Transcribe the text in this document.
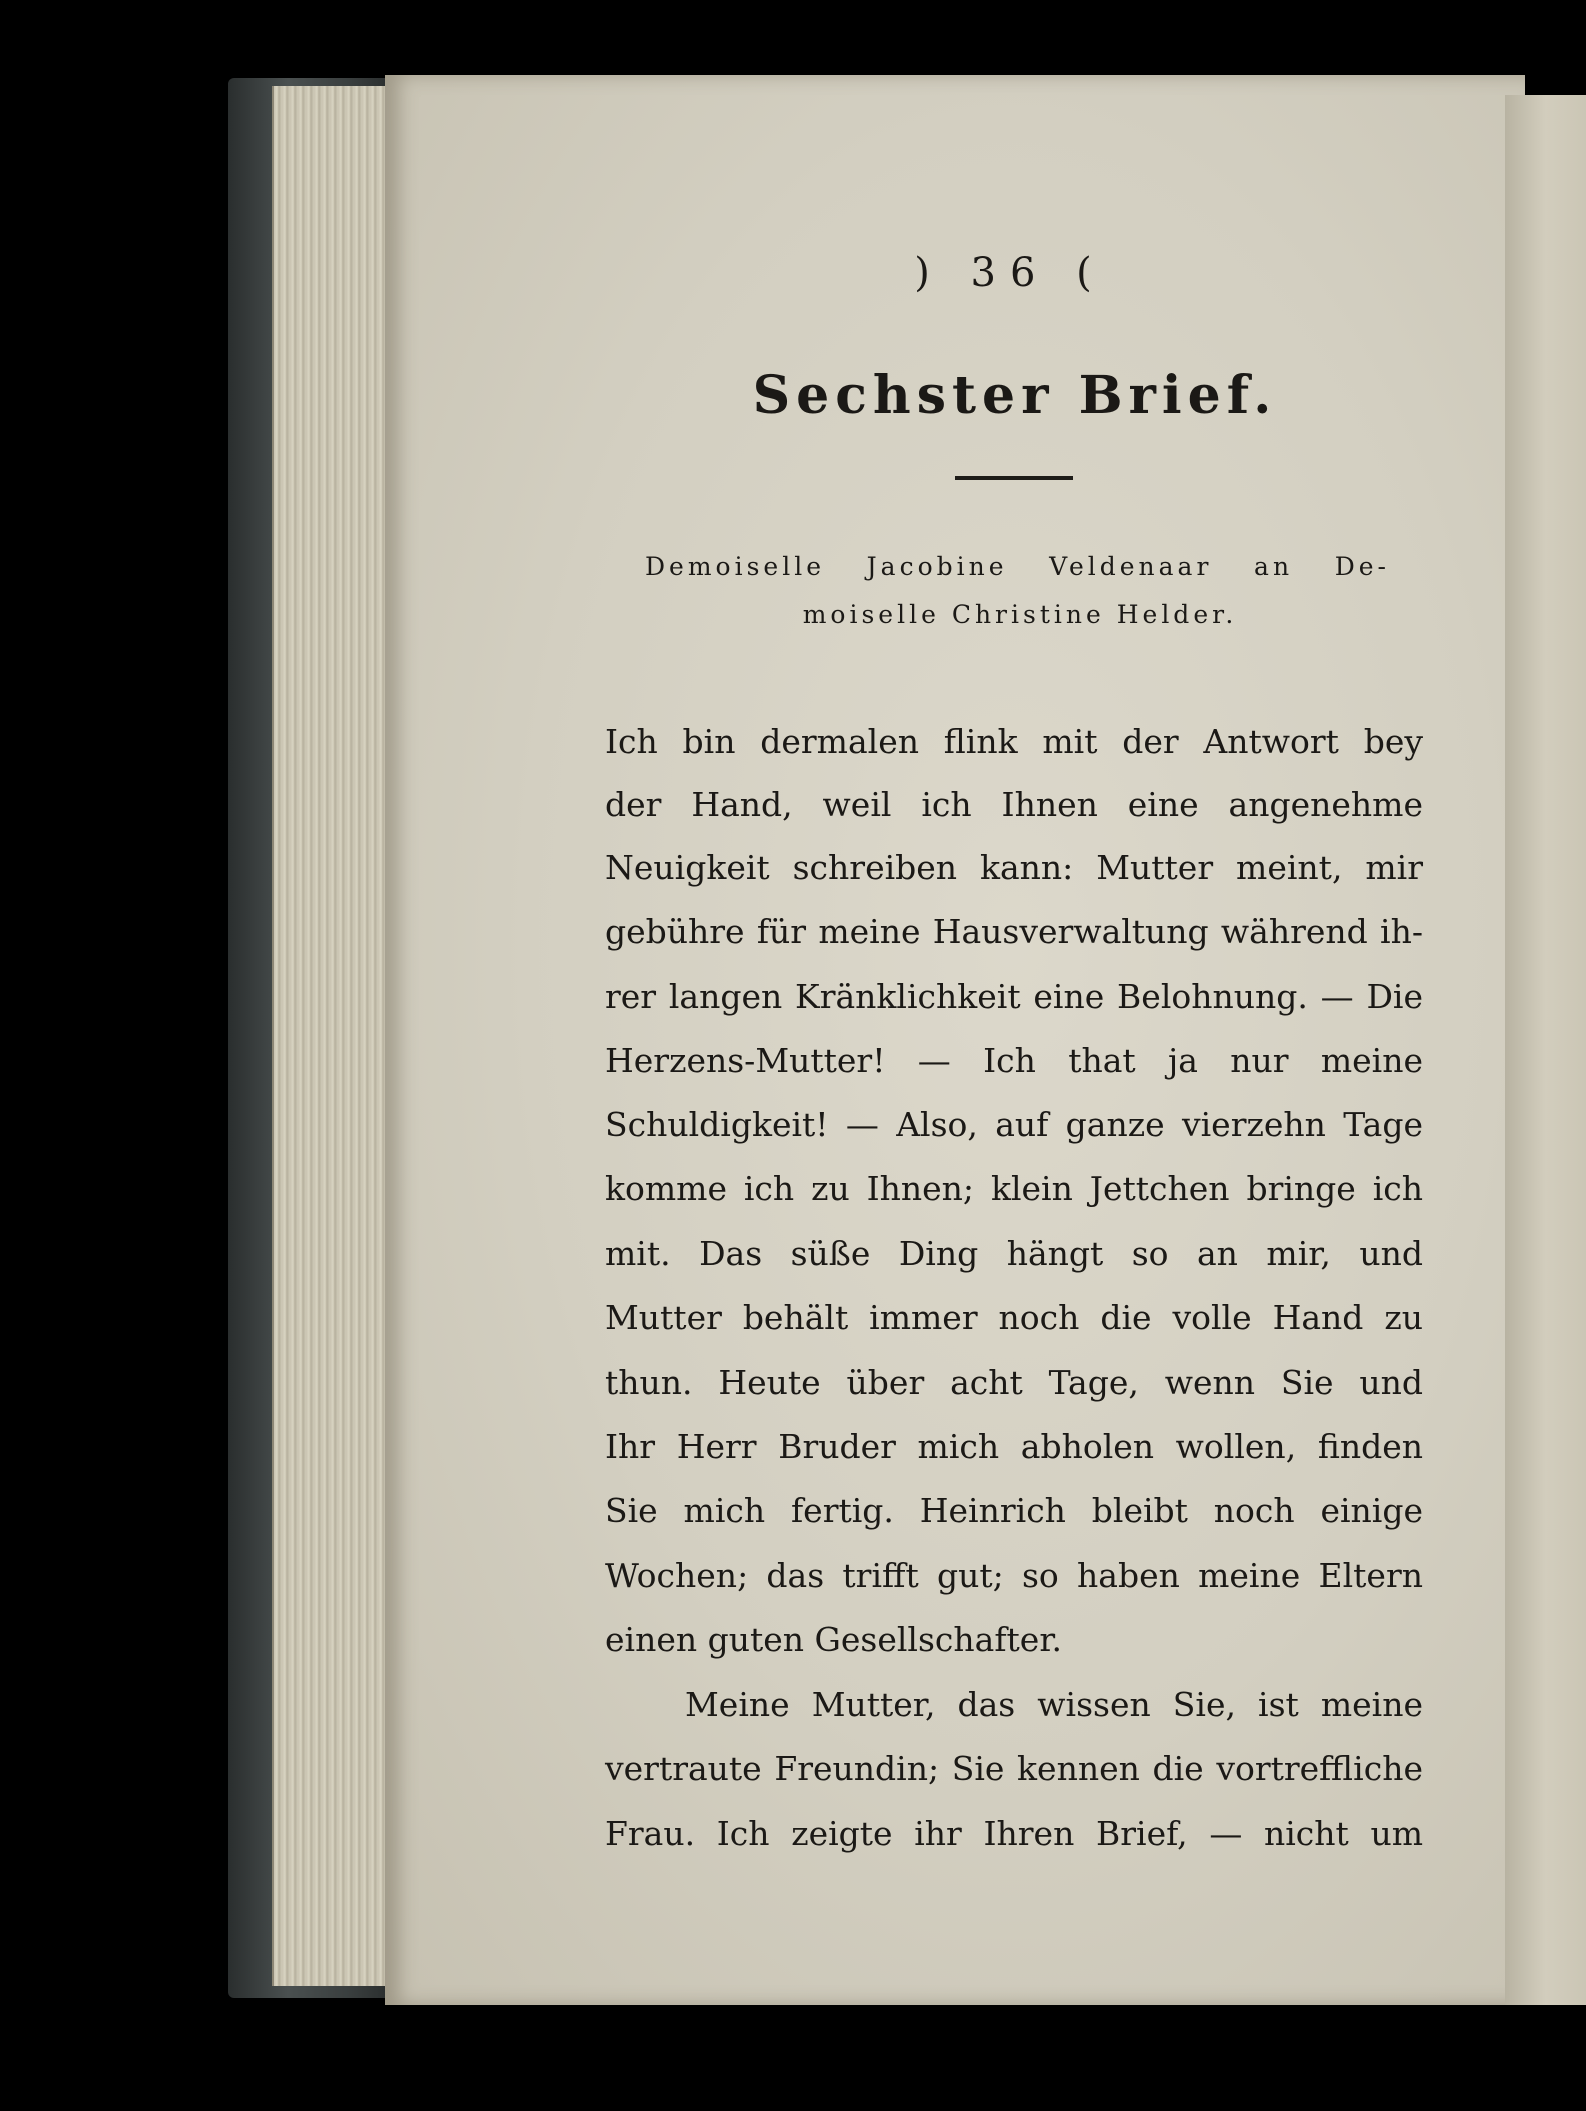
) 36 (
Sechster Brief.
Demoiselle Jacobine Veldenaar an De-
moiselle Christine Helder.
Ich bin dermalen flink mit der Antwort bey
der Hand, weil ich Ihnen eine angenehme
Neuigkeit schreiben kann: Mutter meint, mir
gebühre für meine Hausverwaltung während ih-
rer langen Kränklichkeit eine Belohnung. — Die
Herzens-Mutter! — Ich that ja nur meine
Schuldigkeit! — Also, auf ganze vierzehn Tage
komme ich zu Ihnen; klein Jettchen bringe ich
mit. Das süße Ding hängt so an mir, und
Mutter behält immer noch die volle Hand zu
thun. Heute über acht Tage, wenn Sie und
Ihr Herr Bruder mich abholen wollen, finden
Sie mich fertig. Heinrich bleibt noch einige
Wochen; das trifft gut; so haben meine Eltern
einen guten Gesellschafter.
Meine Mutter, das wissen Sie, ist meine
vertraute Freundin; Sie kennen die vortreffliche
Frau. Ich zeigte ihr Ihren Brief, — nicht um
